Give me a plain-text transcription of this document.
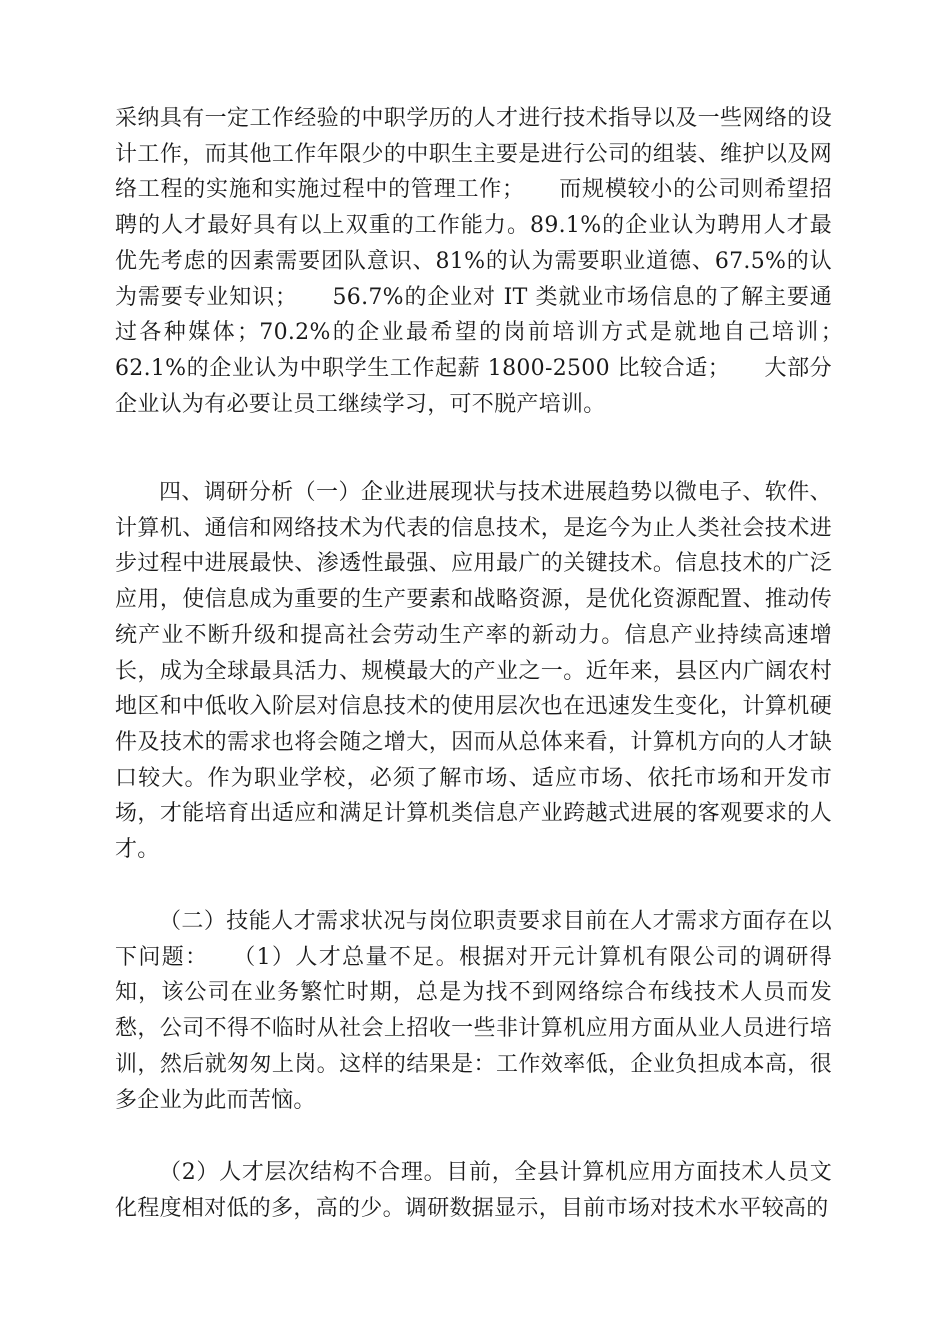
采纳具有一定工作经验的中职学历的人才进行技术指导以及一些网络的设计工作，而其他工作年限少的中职生主要是进行公司的组装、维护以及网络工程的实施和实施过程中的管理工作；　　而规模较小的公司则希望招聘的人才最好具有以上双重的工作能力。89.1%的企业认为聘用人才最优先考虑的因素需要团队意识、81%的认为需要职业道德、67.5%的认为需要专业知识；　　56.7%的企业对 IT 类就业市场信息的了解主要通过各种媒体；70.2%的企业最希望的岗前培训方式是就地自己培训；　　62.1%的企业认为中职学生工作起薪 1800-2500 比较合适；　　大部分企业认为有必要让员工继续学习，可不脱产培训。

四、调研分析（一）企业进展现状与技术进展趋势以微电子、软件、计算机、通信和网络技术为代表的信息技术，是迄今为止人类社会技术进步过程中进展最快、渗透性最强、应用最广的关键技术。信息技术的广泛应用，使信息成为重要的生产要素和战略资源，是优化资源配置、推动传统产业不断升级和提高社会劳动生产率的新动力。信息产业持续高速增长，成为全球最具活力、规模最大的产业之一。近年来，县区内广阔农村地区和中低收入阶层对信息技术的使用层次也在迅速发生变化，计算机硬件及技术的需求也将会随之增大，因而从总体来看，计算机方向的人才缺口较大。作为职业学校，必须了解市场、适应市场、依托市场和开发市场，才能培育出适应和满足计算机类信息产业跨越式进展的客观要求的人才。

（二）技能人才需求状况与岗位职责要求目前在人才需求方面存在以下问题：　　（1）人才总量不足。根据对开元计算机有限公司的调研得知，该公司在业务繁忙时期，总是为找不到网络综合布线技术人员而发愁，公司不得不临时从社会上招收一些非计算机应用方面从业人员进行培训，然后就匆匆上岗。这样的结果是：工作效率低，企业负担成本高，很多企业为此而苦恼。

（2）人才层次结构不合理。目前，全县计算机应用方面技术人员文化程度相对低的多，高的少。调研数据显示，目前市场对技术水平较高的
